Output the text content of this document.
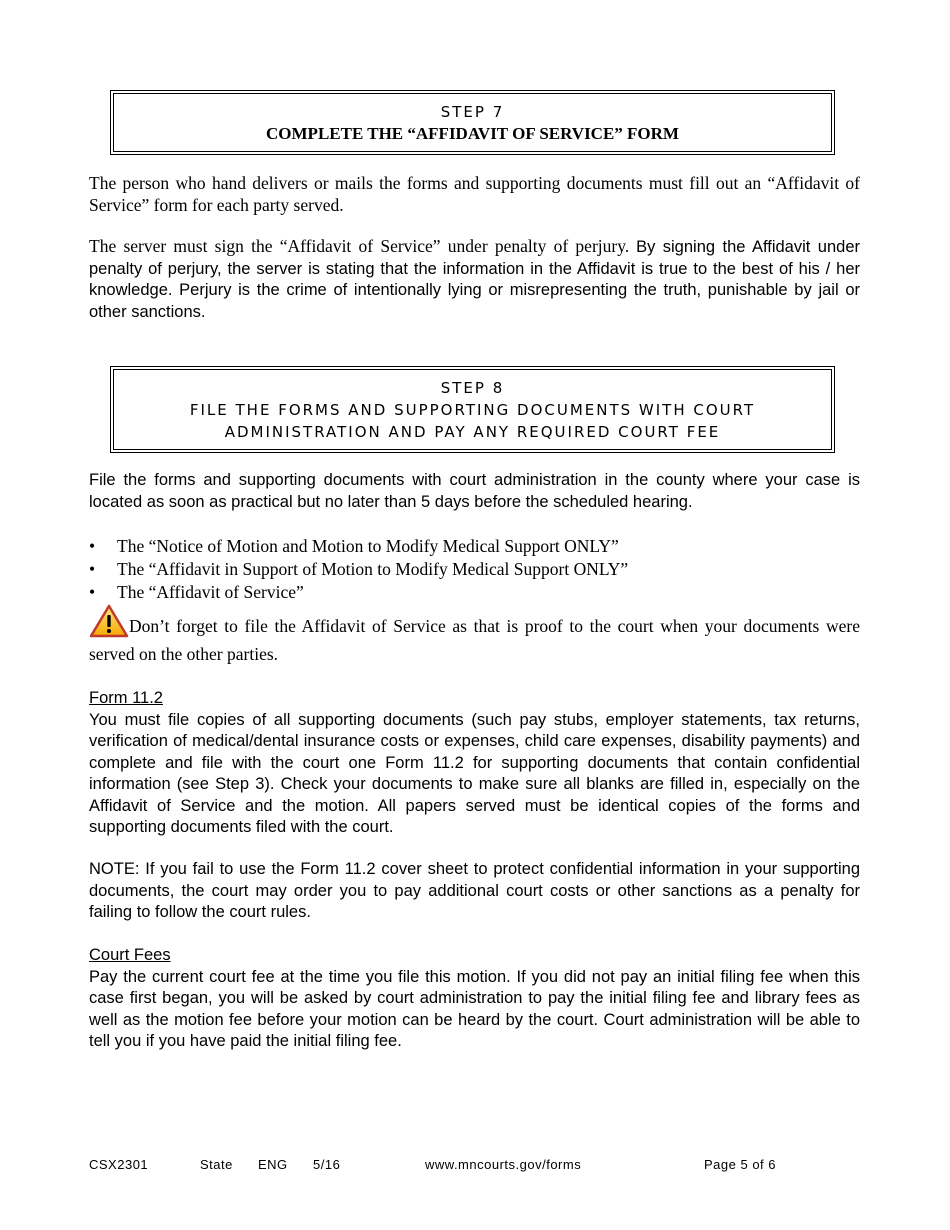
STEP 7
COMPLETE THE “AFFIDAVIT OF SERVICE” FORM

The person who hand delivers or mails the forms and supporting documents must fill out an “Affidavit of Service” form for each party served.

The server must sign the “Affidavit of Service” under penalty of perjury. By signing the Affidavit under penalty of perjury, the server is stating that the information in the Affidavit is true to the best of his / her knowledge. Perjury is the crime of intentionally lying or misrepresenting the truth, punishable by jail or other sanctions.

STEP 8
FILE THE FORMS AND SUPPORTING DOCUMENTS WITH COURT
ADMINISTRATION AND PAY ANY REQUIRED COURT FEE

File the forms and supporting documents with court administration in the county where your case is located as soon as practical but no later than 5 days before the scheduled hearing.

• The “Notice of Motion and Motion to Modify Medical Support ONLY”
• The “Affidavit in Support of Motion to Modify Medical Support ONLY”
• The “Affidavit of Service”

Don’t forget to file the Affidavit of Service as that is proof to the court when your documents were served on the other parties.

Form 11.2
You must file copies of all supporting documents (such pay stubs, employer statements, tax returns, verification of medical/dental insurance costs or expenses, child care expenses, disability payments) and complete and file with the court one Form 11.2 for supporting documents that contain confidential information (see Step 3). Check your documents to make sure all blanks are filled in, especially on the Affidavit of Service and the motion. All papers served must be identical copies of the forms and supporting documents filed with the court.

NOTE: If you fail to use the Form 11.2 cover sheet to protect confidential information in your supporting documents, the court may order you to pay additional court costs or other sanctions as a penalty for failing to follow the court rules.

Court Fees
Pay the current court fee at the time you file this motion. If you did not pay an initial filing fee when this case first began, you will be asked by court administration to pay the initial filing fee and library fees as well as the motion fee before your motion can be heard by the court. Court administration will be able to tell you if you have paid the initial filing fee.
CSX2301	State ENG 5/16	www.mncourts.gov/forms	Page 5 of 6
